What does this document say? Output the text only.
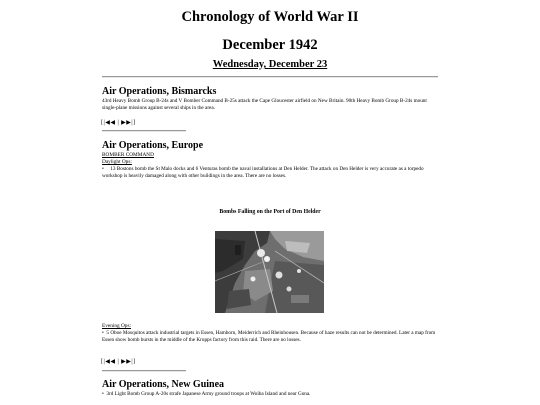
Chronology of World War II
December 1942
Wednesday, December 23
Air Operations, Bismarcks
43rd Heavy Bomb Group B-24s and V Bomber Command B-25s attack the Cape Gloucester airfield on New Britain. 90th Heavy Bomb Group B-24s mount single-plane missions against several ships in the area.
[|◀◀ | ▶▶|]
Air Operations, Europe
BOMBER COMMAND
Daylight Ops:
• 13 Bostons bomb the St Malo docks and 6 Venturas bomb the naval installations at Den Helder. The attack on Den Helder is very accurate as a torpedo workshop is heavily damaged along with other buildings in the area. There are no losses.
Bombs Falling on the Port of Den Helder
Evening Ops:
• 5 Oboe Mosquitos attack industrial targets in Essen, Hamborn, Meiderrich and Rheinhousen. Because of haze results can not be determined. Later a map from Essen show bomb bursts in the middle of the Krupps factory from this raid. There are no losses.
[|◀◀ | ▶▶|]
Air Operations, New Guinea
• 3rd Light Bomb Group A-20s strafe Japanese Army ground troops at Woiba Island and near Gona.
